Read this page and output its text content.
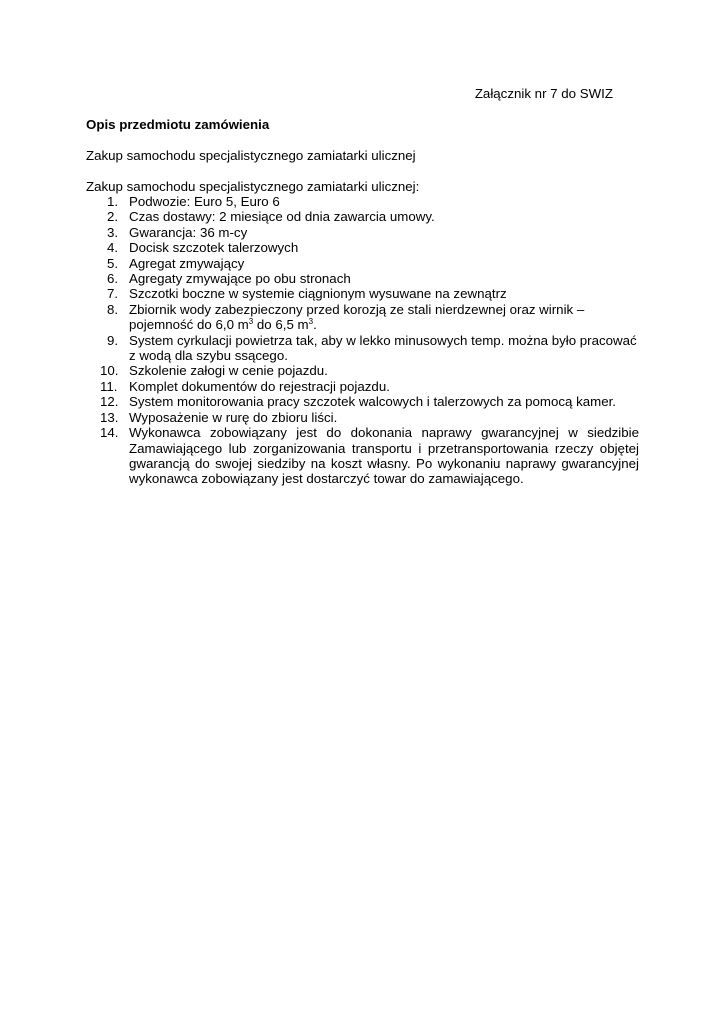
Załącznik nr 7 do SWIZ
Opis przedmiotu zamówienia
Zakup samochodu specjalistycznego zamiatarki ulicznej
Zakup samochodu specjalistycznego zamiatarki ulicznej:
1. Podwozie: Euro 5, Euro 6
2. Czas dostawy: 2 miesiące od dnia zawarcia umowy.
3. Gwarancja: 36 m-cy
4. Docisk szczotek talerzowych
5. Agregat zmywający
6. Agregaty zmywające po obu stronach
7. Szczotki boczne w systemie ciągnionym wysuwane na zewnątrz
8. Zbiornik wody zabezpieczony przed korozją ze stali nierdzewnej oraz wirnik – pojemność do 6,0 $m^3$ do 6,5 $m^3$.
9. System cyrkulacji powietrza tak, aby w lekko minusowych temp. można było pracować z wodą dla szybu ssącego.
10. Szkolenie załogi w cenie pojazdu.
11. Komplet dokumentów do rejestracji pojazdu.
12. System monitorowania pracy szczotek walcowych i talerzowych za pomocą kamer.
13. Wyposażenie w rurę do zbioru liści.
14. Wykonawca zobowiązany jest do dokonania naprawy gwarancyjnej w siedzibie Zamawiającego lub zorganizowania transportu i przetransportowania rzeczy objętej gwarancją do swojej siedziby na koszt własny. Po wykonaniu naprawy gwarancyjnej wykonawca zobowiązany jest dostarczyć towar do zamawiającego.
